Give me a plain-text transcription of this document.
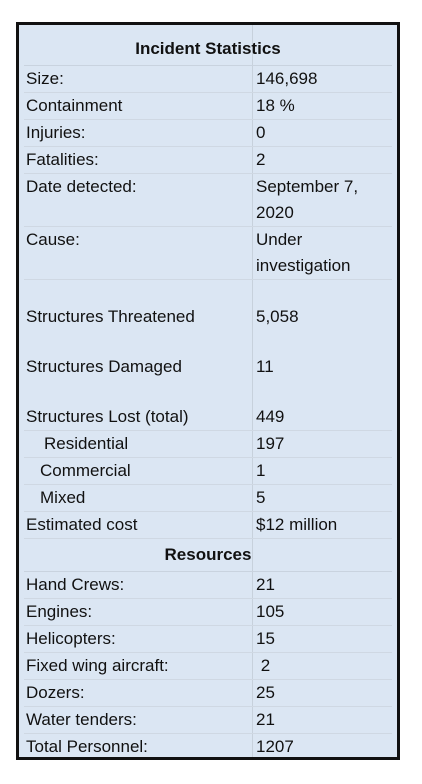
Incident Statistics
Size:	146,698
Containment	18 %
Injuries:	0
Fatalities:	2
Date detected:	September 7, 2020
Cause:	Under investigation
Structures Threatened	5,058
Structures Damaged	11
Structures Lost (total)	449
Residential	197
Commercial	1
Mixed	5
Estimated cost	$12 million
Resources
Hand Crews:	21
Engines:	105
Helicopters:	15
Fixed wing aircraft:	2
Dozers:	25
Water tenders:	21
Total Personnel:	1207
